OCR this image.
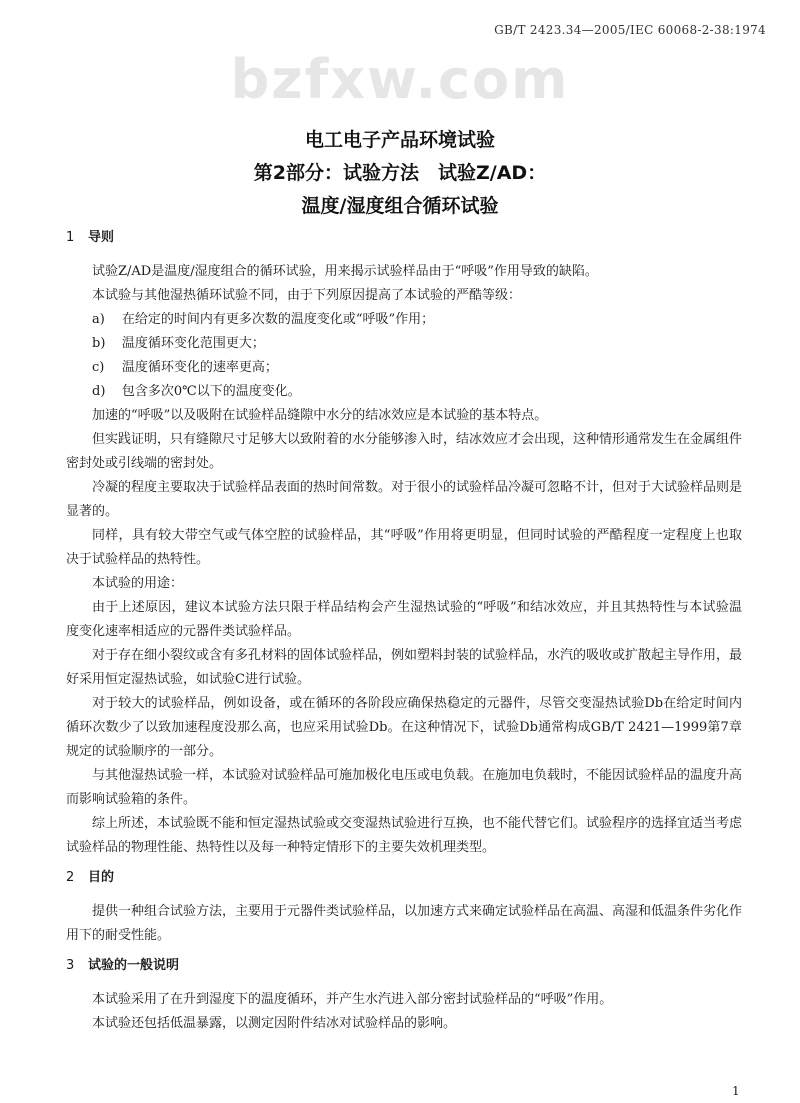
GB/T 2423.34—2005/IEC 60068-2-38:1974
bzfxw.com
电工电子产品环境试验
第2部分：试验方法　试验Z/AD：
温度/湿度组合循环试验
1 导则

试验Z/AD是温度/湿度组合的循环试验，用来揭示试验样品由于“呼吸”作用导致的缺陷。

本试验与其他湿热循环试验不同，由于下列原因提高了本试验的严酷等级：

a) 在给定的时间内有更多次数的温度变化或“呼吸”作用；

b) 温度循环变化范围更大；

c) 温度循环变化的速率更高；

d) 包含多次0℃以下的温度变化。

加速的“呼吸”以及吸附在试验样品缝隙中水分的结冰效应是本试验的基本特点。

但实践证明，只有缝隙尺寸足够大以致附着的水分能够渗入时，结冰效应才会出现，这种情形通常发生在金属组件密封处或引线端的密封处。

冷凝的程度主要取决于试验样品表面的热时间常数。对于很小的试验样品冷凝可忽略不计，但对于大试验样品则是显著的。

同样，具有较大带空气或气体空腔的试验样品，其“呼吸”作用将更明显，但同时试验的严酷程度一定程度上也取决于试验样品的热特性。

本试验的用途：

由于上述原因，建议本试验方法只限于样品结构会产生湿热试验的“呼吸”和结冰效应，并且其热特性与本试验温度变化速率相适应的元器件类试验样品。

对于存在细小裂纹或含有多孔材料的固体试验样品，例如塑料封装的试验样品，水汽的吸收或扩散起主导作用，最好采用恒定湿热试验，如试验C进行试验。

对于较大的试验样品，例如设备，或在循环的各阶段应确保热稳定的元器件，尽管交变湿热试验Db在给定时间内循环次数少了以致加速程度没那么高，也应采用试验Db。在这种情况下，试验Db通常构成GB/T 2421—1999第7章规定的试验顺序的一部分。

与其他湿热试验一样，本试验对试验样品可施加极化电压或电负载。在施加电负载时，不能因试验样品的温度升高而影响试验箱的条件。

综上所述，本试验既不能和恒定湿热试验或交变湿热试验进行互换，也不能代替它们。试验程序的选择宜适当考虑试验样品的物理性能、热特性以及每一种特定情形下的主要失效机理类型。

2 目的

提供一种组合试验方法，主要用于元器件类试验样品，以加速方式来确定试验样品在高温、高湿和低温条件劣化作用下的耐受性能。

3 试验的一般说明

本试验采用了在升到湿度下的温度循环，并产生水汽进入部分密封试验样品的“呼吸”作用。

本试验还包括低温暴露，以测定因附件结冰对试验样品的影响。

1
